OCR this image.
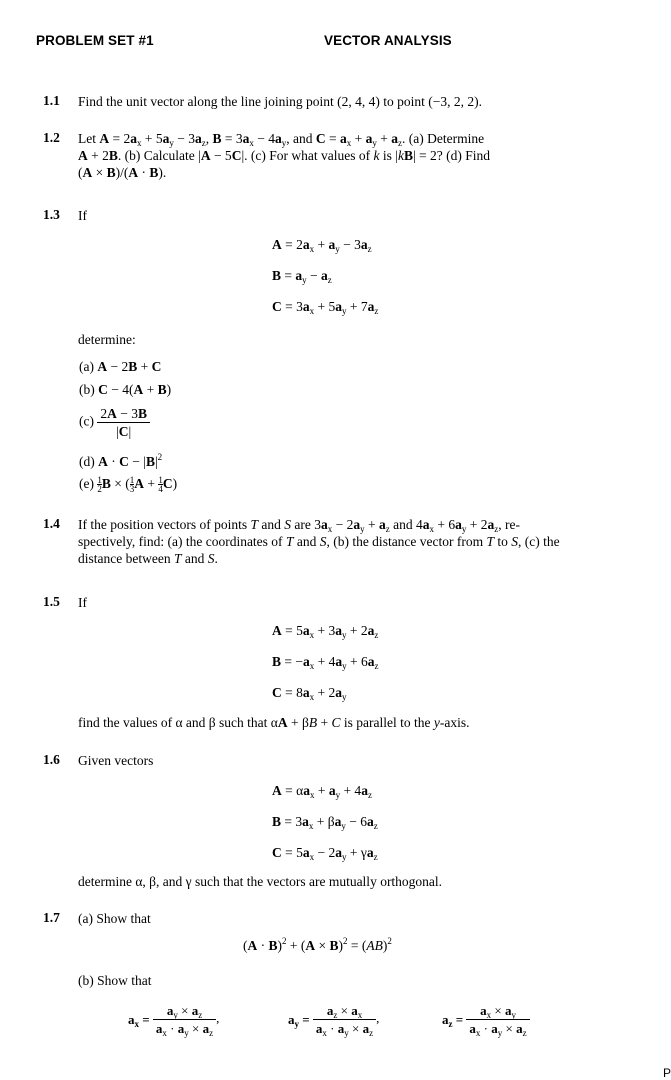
PROBLEM SET #1	VECTOR ANALYSIS
1.1 Find the unit vector along the line joining point (2, 4, 4) to point (−3, 2, 2).
1.2 Let $A = 2a_x + 5a_y - 3a_z$, $B = 3a_x - 4a_y$, and $C = a_x + a_y + a_z$. (a) Determine
A + 2B. (b) Calculate |A − 5C|. (c) For what values of k is |kB| = 2? (d) Find
(A × B)/(A · B).
1.3 If
$A = 2a_x + a_y - 3a_z$
$B = a_y - a_z$
$C = 3a_x + 5a_y + 7a_z$
determine:
(a) A − 2B + C
(b) C − 4(A + B)
$(c) \frac{2A - 3B}{|C|}$
(d) $A \cdot C - |B|^2$
$(e) \frac{1}{2}$ B × ( $\frac{1}{3}$ $A + \frac{1}{4} C$)
1.4 If the position vectors of points T and S are $3a_x - 2a_y + a_z$ and $4a_x + 6a_y + 2a_z$, re-
spectively, find: (a) the coordinates of T and S, (b) the distance vector from T to S, (c) the
distance between T and S.
1.5 If
$A = 5a_x + 3a_y + 2a_z$
$B = -a_x + 4a_y + 6a_z$
$C = 8a_x + 2a_y$
find the values of α and β such that αA + βB + C is parallel to the y-axis.
1.6 Given vectors
$A = \alpha a_x + a_y + 4a_z$
$B = 3a_x + \beta a_y - 6a_z$
$C = 5a_x - 2a_y + \gamma a_z$
determine α, β, and γ such that the vectors are mutually orthogonal.
1.7 (a) Show that
$(A \cdot B)^2 + (A \times B)^2 = (AB)^2$
(b) Show that
$a_x = \frac{a_y \times a_z}{a_x \cdot a_y \times a_z}$ ,	$a_y = \frac{a_z \times a_x}{a_x \cdot a_y \times a_z}$ ,	$a_z = \frac{a_x \times a_y}{a_x \cdot a_y \times a_z}$
P
